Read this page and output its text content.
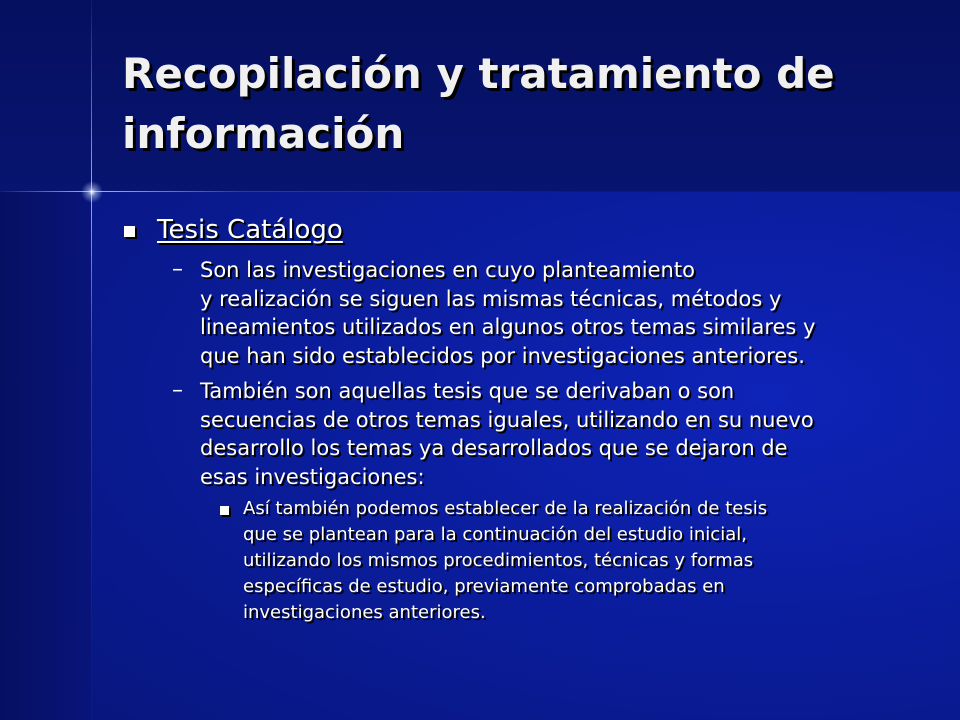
Recopilación y tratamiento de información
Tesis Catálogo
– Son las investigaciones en cuyo planteamiento
y realización se siguen las mismas técnicas, métodos y
lineamientos utilizados en algunos otros temas similares y
que han sido establecidos por investigaciones anteriores.
– También son aquellas tesis que se derivaban o son
secuencias de otros temas iguales, utilizando en su nuevo
desarrollo los temas ya desarrollados que se dejaron de
esas investigaciones:
Así también podemos establecer de la realización de tesis
que se plantean para la continuación del estudio inicial,
utilizando los mismos procedimientos, técnicas y formas
específicas de estudio, previamente comprobadas en
investigaciones anteriores.
